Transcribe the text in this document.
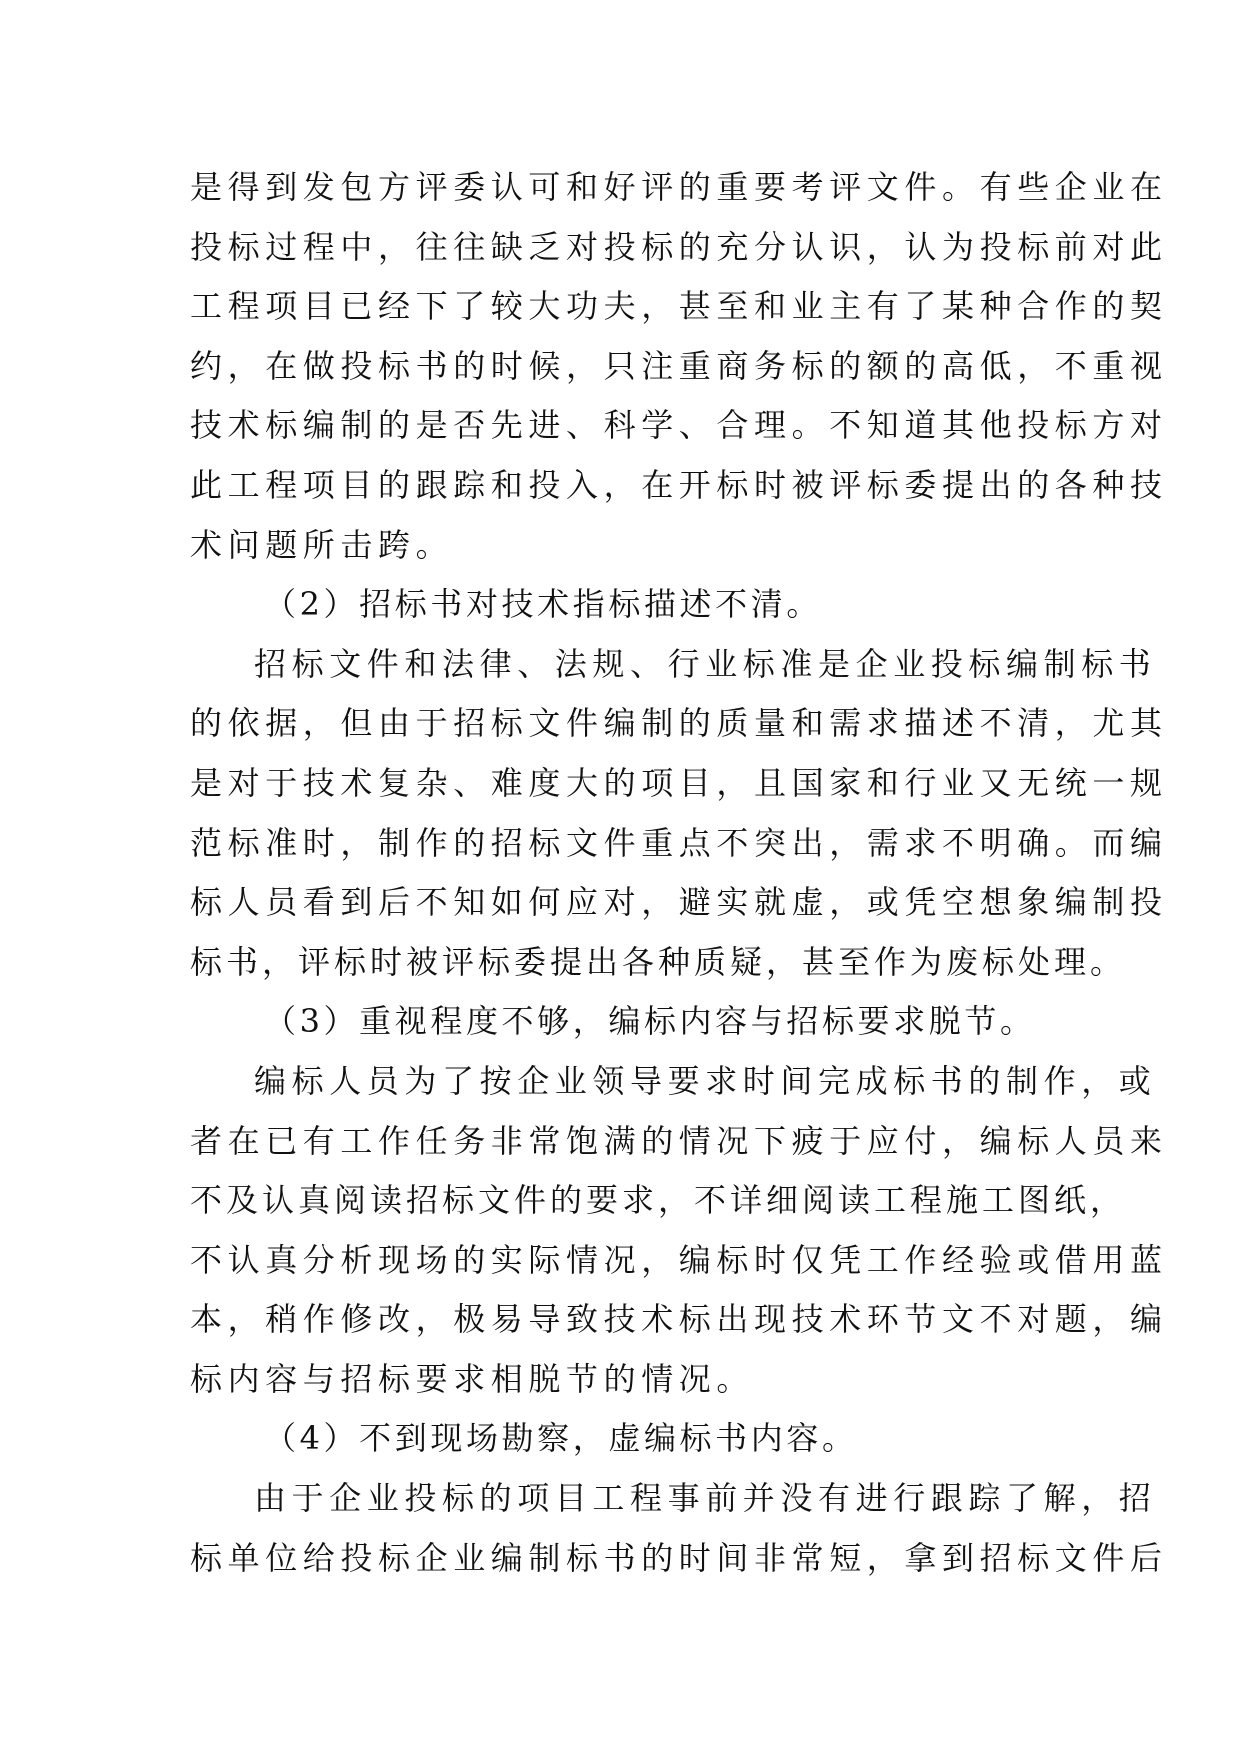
是得到发包方评委认可和好评的重要考评文件。有些企业在
投标过程中，往往缺乏对投标的充分认识，认为投标前对此
工程项目已经下了较大功夫，甚至和业主有了某种合作的契
约，在做投标书的时候，只注重商务标的额的高低，不重视
技术标编制的是否先进、科学、合理。不知道其他投标方对
此工程项目的跟踪和投入，在开标时被评标委提出的各种技
术问题所击跨。
（2）招标书对技术指标描述不清。
招标文件和法律、法规、行业标准是企业投标编制标书
的依据，但由于招标文件编制的质量和需求描述不清，尤其
是对于技术复杂、难度大的项目，且国家和行业又无统一规
范标准时，制作的招标文件重点不突出，需求不明确。而编
标人员看到后不知如何应对，避实就虚，或凭空想象编制投
标书，评标时被评标委提出各种质疑，甚至作为废标处理。
（3）重视程度不够，编标内容与招标要求脱节。
编标人员为了按企业领导要求时间完成标书的制作，或
者在已有工作任务非常饱满的情况下疲于应付，编标人员来
不及认真阅读招标文件的要求，不详细阅读工程施工图纸，
不认真分析现场的实际情况，编标时仅凭工作经验或借用蓝
本，稍作修改，极易导致技术标出现技术环节文不对题，编
标内容与招标要求相脱节的情况。
（4）不到现场勘察，虚编标书内容。
由于企业投标的项目工程事前并没有进行跟踪了解，招
标单位给投标企业编制标书的时间非常短，拿到招标文件后
